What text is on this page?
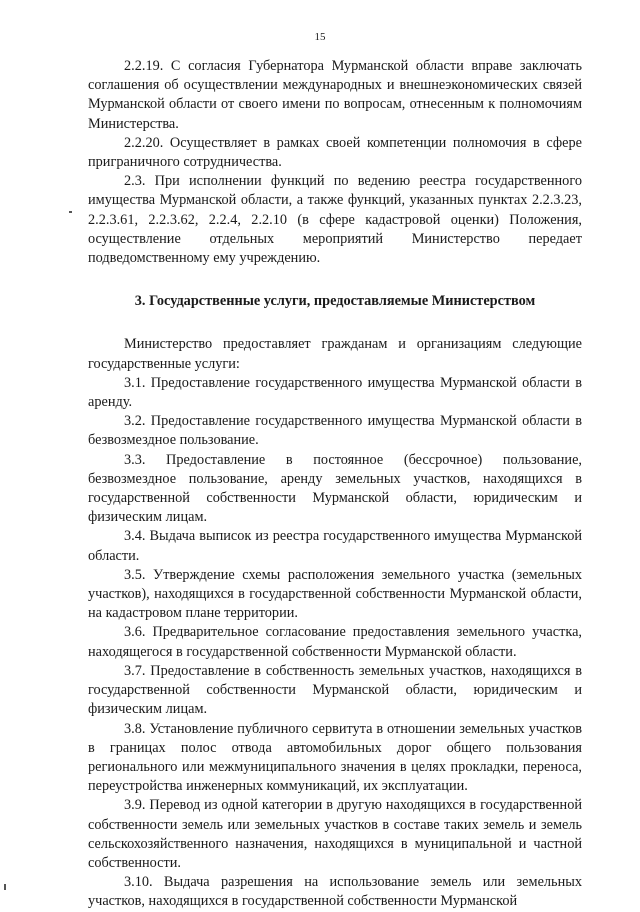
15

2.2.19. С согласия Губернатора Мурманской области вправе заключать соглашения об осуществлении международных и внешнеэкономических связей Мурманской области от своего имени по вопросам, отнесенным к полномочиям Министерства.

2.2.20. Осуществляет в рамках своей компетенции полномочия в сфере приграничного сотрудничества.

2.3. При исполнении функций по ведению реестра государственного имущества Мурманской области, а также функций, указанных пунктах 2.2.3.23, 2.2.3.61, 2.2.3.62, 2.2.4, 2.2.10 (в сфере кадастровой оценки) Положения, осуществление отдельных мероприятий Министерство передает подведомственному ему учреждению.

3. Государственные услуги, предоставляемые Министерством

Министерство предоставляет гражданам и организациям следующие государственные услуги:

3.1. Предоставление государственного имущества Мурманской области в аренду.

3.2. Предоставление государственного имущества Мурманской области в безвозмездное пользование.

3.3. Предоставление в постоянное (бессрочное) пользование, безвозмездное пользование, аренду земельных участков, находящихся в государственной собственности Мурманской области, юридическим и физическим лицам.

3.4. Выдача выписок из реестра государственного имущества Мурманской области.

3.5. Утверждение схемы расположения земельного участка (земельных участков), находящихся в государственной собственности Мурманской области, на кадастровом плане территории.

3.6. Предварительное согласование предоставления земельного участка, находящегося в государственной собственности Мурманской области.

3.7. Предоставление в собственность земельных участков, находящихся в государственной собственности Мурманской области, юридическим и физическим лицам.

3.8. Установление публичного сервитута в отношении земельных участков в границах полос отвода автомобильных дорог общего пользования регионального или межмуниципального значения в целях прокладки, переноса, переустройства инженерных коммуникаций, их эксплуатации.

3.9. Перевод из одной категории в другую находящихся в государственной собственности земель или земельных участков в составе таких земель и земель сельскохозяйственного назначения, находящихся в муниципальной и частной собственности.

3.10. Выдача разрешения на использование земель или земельных участков, находящихся в государственной собственности Мурманской
